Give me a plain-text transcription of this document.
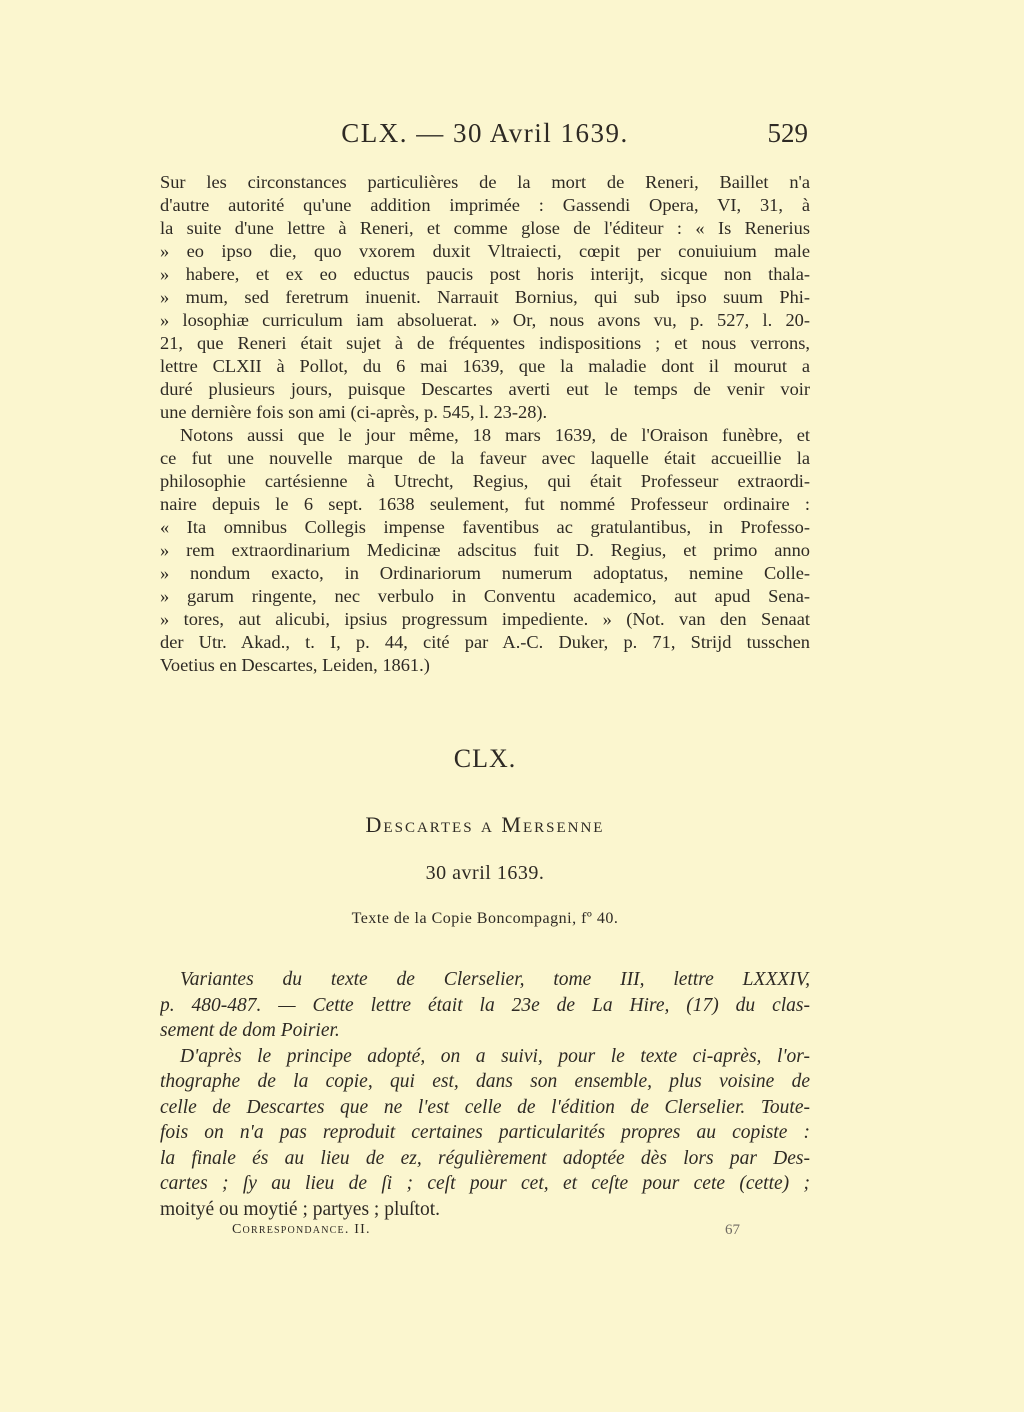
CLX. — 30 Avril 1639.	529
Sur les circonstances particulières de la mort de Reneri, Baillet n'a
d'autre autorité qu'une addition imprimée : Gassendi Opera, VI, 31, à
la suite d'une lettre à Reneri, et comme glose de l'éditeur : « Is Renerius
» eo ipso die, quo vxorem duxit Vltraiecti, cœpit per conuiuium male
» habere, et ex eo eductus paucis post horis interijt, sicque non thala-
» mum, sed feretrum inuenit. Narrauit Bornius, qui sub ipso suum Phi-
» losophiæ curriculum iam absoluerat. » Or, nous avons vu, p. 527, l. 20-
21, que Reneri était sujet à de fréquentes indispositions ; et nous verrons,
lettre CLXII à Pollot, du 6 mai 1639, que la maladie dont il mourut a
duré plusieurs jours, puisque Descartes averti eut le temps de venir voir
une dernière fois son ami (ci-après, p. 545, l. 23-28).
Notons aussi que le jour même, 18 mars 1639, de l'Oraison funèbre, et
ce fut une nouvelle marque de la faveur avec laquelle était accueillie la
philosophie cartésienne à Utrecht, Regius, qui était Professeur extraordi-
naire depuis le 6 sept. 1638 seulement, fut nommé Professeur ordinaire :
« Ita omnibus Collegis impense faventibus ac gratulantibus, in Professo-
» rem extraordinarium Medicinæ adscitus fuit D. Regius, et primo anno
» nondum exacto, in Ordinariorum numerum adoptatus, nemine Colle-
» garum ringente, nec verbulo in Conventu academico, aut apud Sena-
» tores, aut alicubi, ipsius progressum impediente. » (Not. van den Senaat
der Utr. Akad., t. I, p. 44, cité par A.-C. Duker, p. 71, Strijd tusschen
Voetius en Descartes, Leiden, 1861.)
CLX.
Descartes a Mersenne
30 avril 1639.
Texte de la Copie Boncompagni, fº 40.
Variantes du texte de Clerselier, tome III, lettre LXXXIV,
p. 480-487. — Cette lettre était la 23e de La Hire, (17) du clas-
sement de dom Poirier.
D'après le principe adopté, on a suivi, pour le texte ci-après, l'or-
thographe de la copie, qui est, dans son ensemble, plus voisine de
celle de Descartes que ne l'est celle de l'édition de Clerselier. Toute-
fois on n'a pas reproduit certaines particularités propres au copiste :
la finale és au lieu de ez, régulièrement adoptée dès lors par Des-
cartes ; ſy au lieu de ſi ; ceſt pour cet, et ceſte pour cete (cette) ;
moityé ou moytié ; partyes ; pluſtot.
Correspondance. II.	67
